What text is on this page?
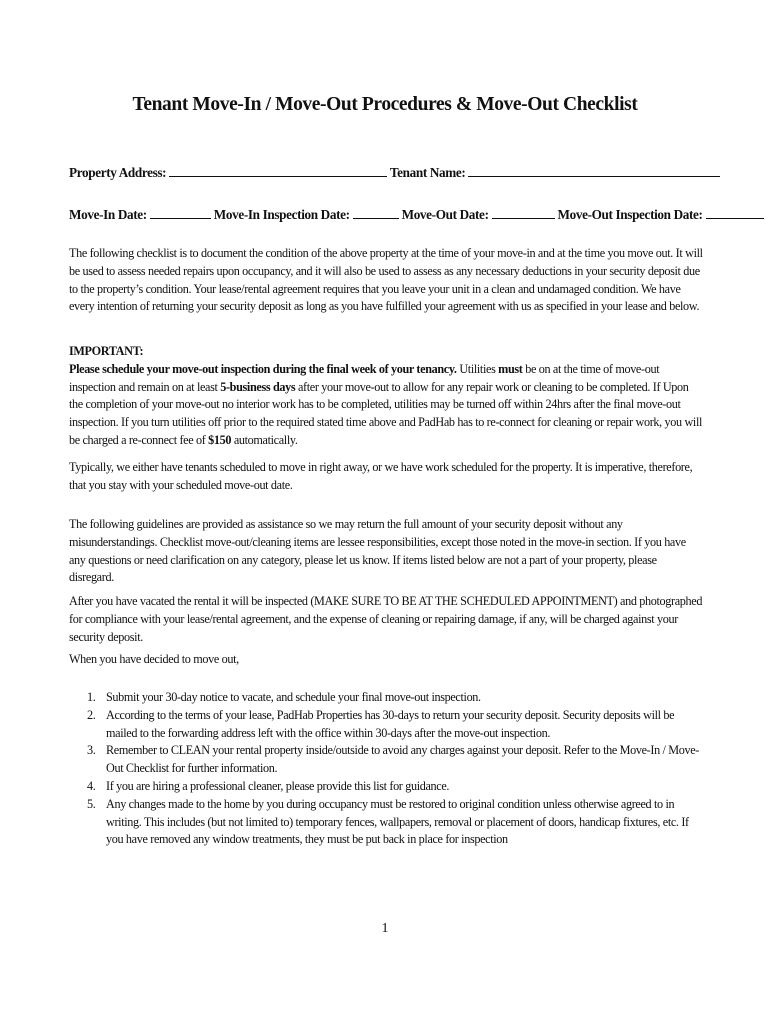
Tenant Move-In / Move-Out Procedures & Move-Out Checklist
Property Address:	Tenant Name:
Move-In Date:	Move-In Inspection Date:	Move-Out Date:	Move-Out Inspection Date:

The following checklist is to document the condition of the above property at the time of your move-in and at the time you move out. It will be used to assess needed repairs upon occupancy, and it will also be used to assess as any necessary deductions in your security deposit due to the property’s condition. Your lease/rental agreement requires that you leave your unit in a clean and undamaged condition. We have every intention of returning your security deposit as long as you have fulfilled your agreement with us as specified in your lease and below.

IMPORTANT:

Please schedule your move-out inspection during the final week of your tenancy. Utilities must be on at the time of move-out inspection and remain on at least 5-business days after your move-out to allow for any repair work or cleaning to be completed. If Upon the completion of your move-out no interior work has to be completed, utilities may be turned off within 24hrs after the final move-out inspection. If you turn utilities off prior to the required stated time above and PadHab has to re-connect for cleaning or repair work, you will be charged a re-connect fee of $150 automatically.

Typically, we either have tenants scheduled to move in right away, or we have work scheduled for the property. It is imperative, therefore, that you stay with your scheduled move-out date.

The following guidelines are provided as assistance so we may return the full amount of your security deposit without any misunderstandings. Checklist move-out/cleaning items are lessee responsibilities, except those noted in the move-in section. If you have any questions or need clarification on any category, please let us know. If items listed below are not a part of your property, please disregard.

After you have vacated the rental it will be inspected (MAKE SURE TO BE AT THE SCHEDULED APPOINTMENT) and photographed for compliance with your lease/rental agreement, and the expense of cleaning or repairing damage, if any, will be charged against your security deposit.

When you have decided to move out,

1. Submit your 30-day notice to vacate, and schedule your final move-out inspection.
2. According to the terms of your lease, PadHab Properties has 30-days to return your security deposit. Security deposits will be mailed to the forwarding address left with the office within 30-days after the move-out inspection.
3. Remember to CLEAN your rental property inside/outside to avoid any charges against your deposit. Refer to the Move-In / Move-Out Checklist for further information.
4. If you are hiring a professional cleaner, please provide this list for guidance.
5. Any changes made to the home by you during occupancy must be restored to original condition unless otherwise agreed to in writing. This includes (but not limited to) temporary fences, wallpapers, removal or placement of doors, handicap fixtures, etc. If you have removed any window treatments, they must be put back in place for inspection
1
